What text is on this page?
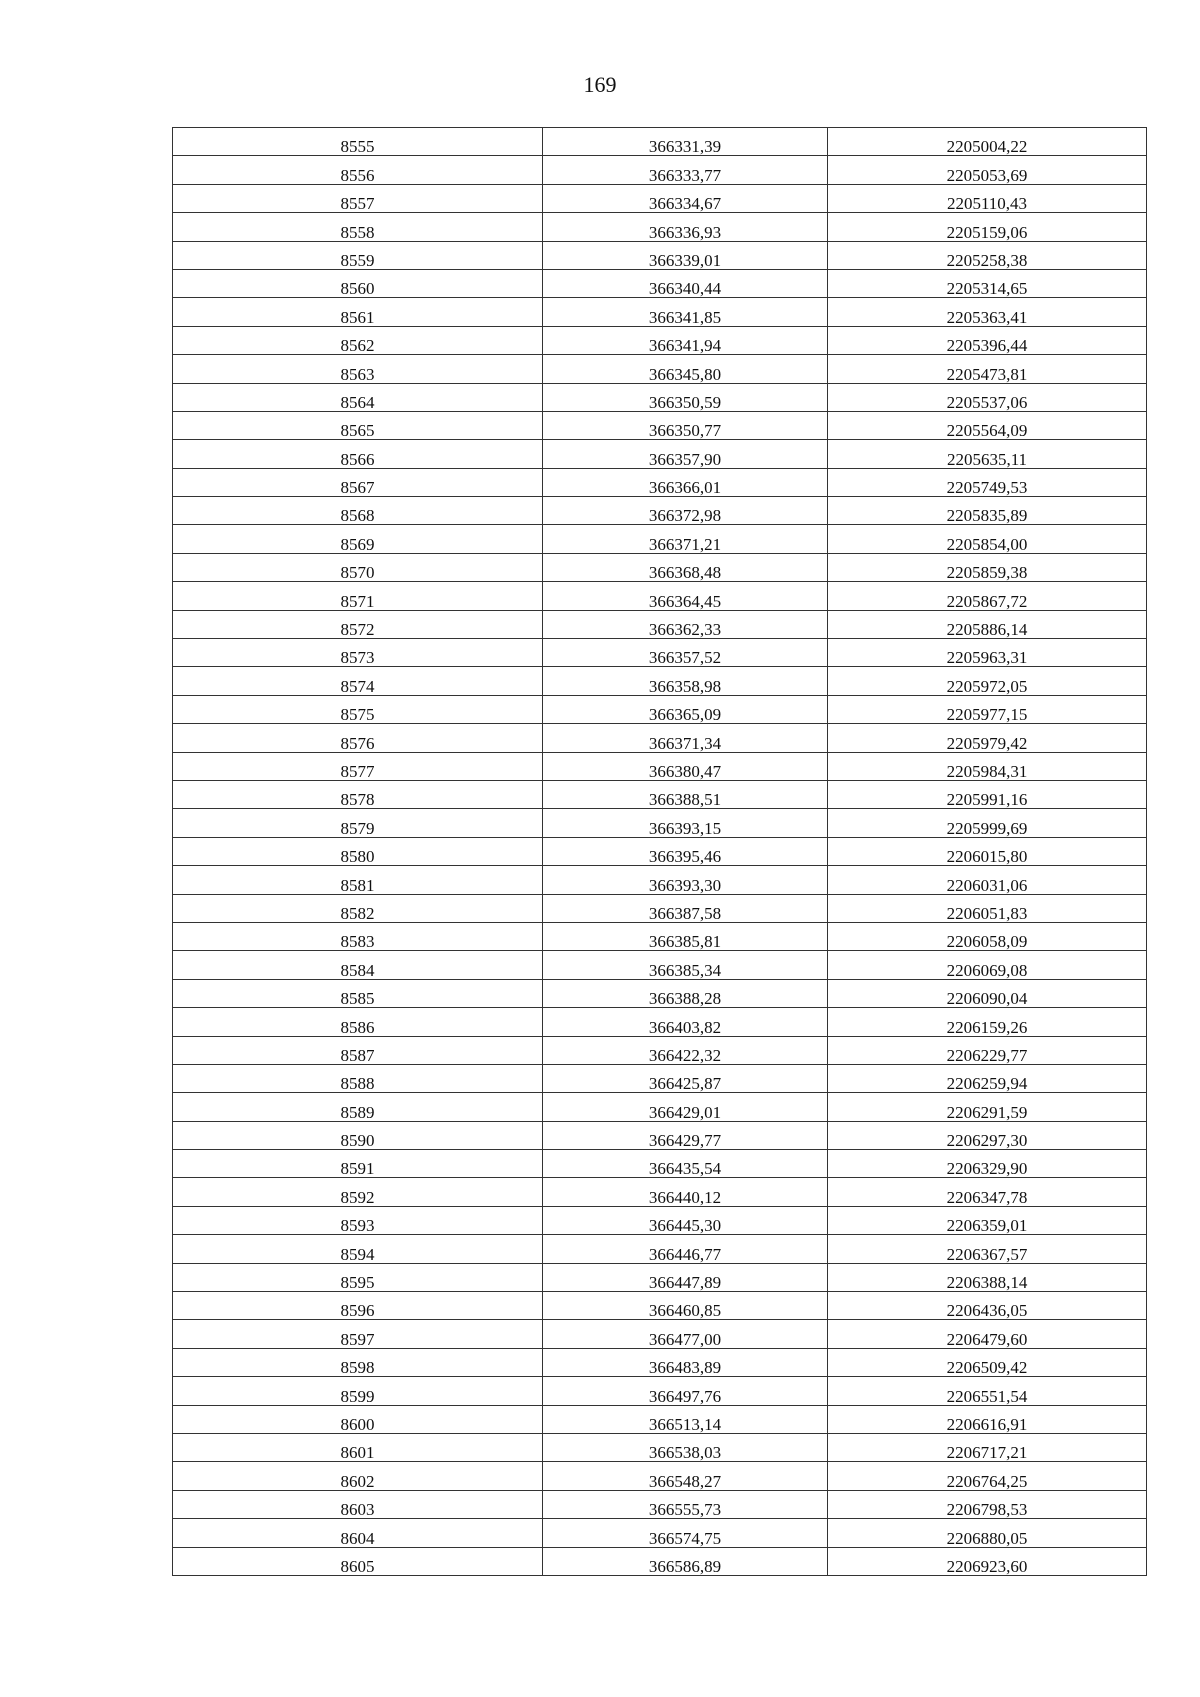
169
8555	366331,39	2205004,22
8556	366333,77	2205053,69
8557	366334,67	2205110,43
8558	366336,93	2205159,06
8559	366339,01	2205258,38
8560	366340,44	2205314,65
8561	366341,85	2205363,41
8562	366341,94	2205396,44
8563	366345,80	2205473,81
8564	366350,59	2205537,06
8565	366350,77	2205564,09
8566	366357,90	2205635,11
8567	366366,01	2205749,53
8568	366372,98	2205835,89
8569	366371,21	2205854,00
8570	366368,48	2205859,38
8571	366364,45	2205867,72
8572	366362,33	2205886,14
8573	366357,52	2205963,31
8574	366358,98	2205972,05
8575	366365,09	2205977,15
8576	366371,34	2205979,42
8577	366380,47	2205984,31
8578	366388,51	2205991,16
8579	366393,15	2205999,69
8580	366395,46	2206015,80
8581	366393,30	2206031,06
8582	366387,58	2206051,83
8583	366385,81	2206058,09
8584	366385,34	2206069,08
8585	366388,28	2206090,04
8586	366403,82	2206159,26
8587	366422,32	2206229,77
8588	366425,87	2206259,94
8589	366429,01	2206291,59
8590	366429,77	2206297,30
8591	366435,54	2206329,90
8592	366440,12	2206347,78
8593	366445,30	2206359,01
8594	366446,77	2206367,57
8595	366447,89	2206388,14
8596	366460,85	2206436,05
8597	366477,00	2206479,60
8598	366483,89	2206509,42
8599	366497,76	2206551,54
8600	366513,14	2206616,91
8601	366538,03	2206717,21
8602	366548,27	2206764,25
8603	366555,73	2206798,53
8604	366574,75	2206880,05
8605	366586,89	2206923,60
